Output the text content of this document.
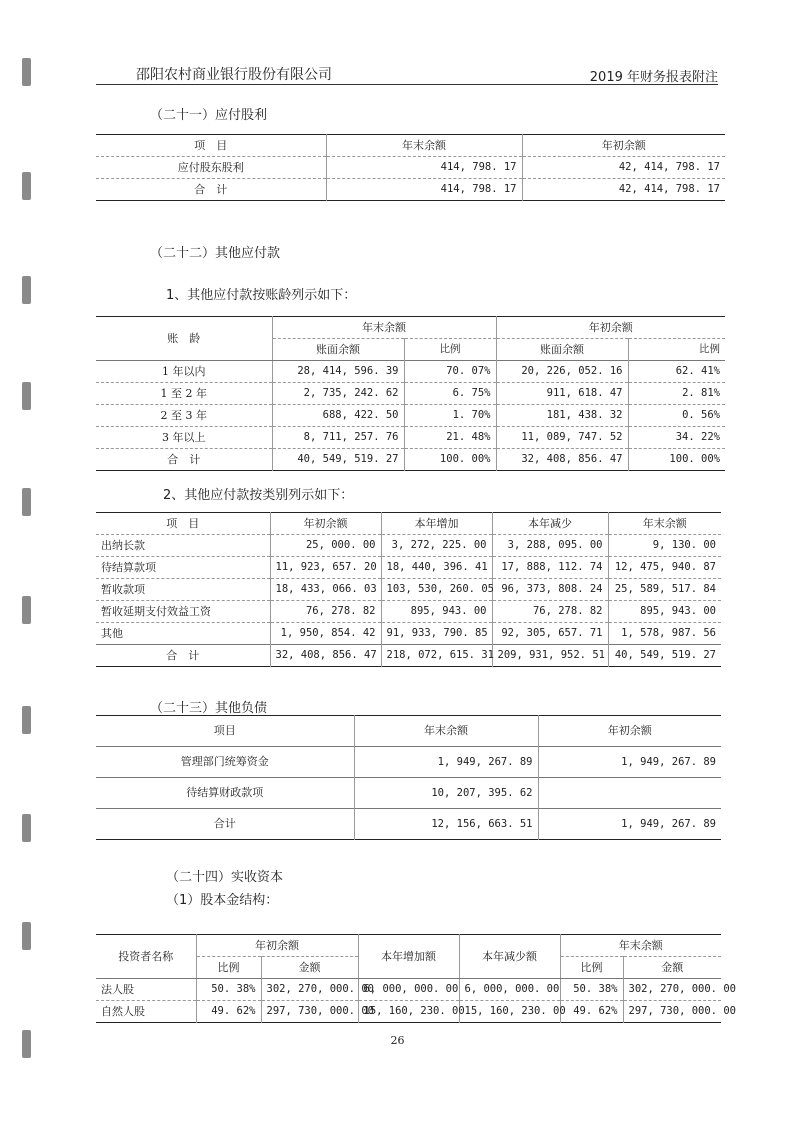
邵阳农村商业银行股份有限公司	2019 年财务报表附注
（二十一）应付股利
项　目	年末余额	年初余额
应付股东股利	414, 798. 17	42, 414, 798. 17
合　计	414, 798. 17	42, 414, 798. 17
（二十二）其他应付款
1、其他应付款按账龄列示如下：
账　龄	年末余额		年初余额	
	账面余额	比例	账面余额	比例
1 年以内	28, 414, 596. 39	70. 07%	20, 226, 052. 16	62. 41%
1 至 2 年	2, 735, 242. 62	6. 75%	911, 618. 47	2. 81%
2 至 3 年	688, 422. 50	1. 70%	181, 438. 32	0. 56%
3 年以上	8, 711, 257. 76	21. 48%	11, 089, 747. 52	34. 22%
合　计	40, 549, 519. 27	100. 00%	32, 408, 856. 47	100. 00%
2、其他应付款按类别列示如下：
项　目	年初余额	本年增加	本年减少	年末余额
出纳长款	25, 000. 00	3, 272, 225. 00	3, 288, 095. 00	9, 130. 00
待结算款项	11, 923, 657. 20	18, 440, 396. 41	17, 888, 112. 74	12, 475, 940. 87
暂收款项	18, 433, 066. 03	103, 530, 260. 05	96, 373, 808. 24	25, 589, 517. 84
暂收延期支付效益工资	76, 278. 82	895, 943. 00	76, 278. 82	895, 943. 00
其他	1, 950, 854. 42	91, 933, 790. 85	92, 305, 657. 71	1, 578, 987. 56
合　计	32, 408, 856. 47	218, 072, 615. 31	209, 931, 952. 51	40, 549, 519. 27
（二十三）其他负债
项目	年末余额	年初余额
管理部门统筹资金	1, 949, 267. 89	1, 949, 267. 89
待结算财政款项	10, 207, 395. 62	
合计	12, 156, 663. 51	1, 949, 267. 89
（二十四）实收资本
（1）股本金结构：
投资者名称	年初余额		本年增加额	本年减少额	年末余额	
	比例	金额			比例	金额
法人股	50. 38%	302, 270, 000. 00	6, 000, 000. 00	6, 000, 000. 00	50. 38%	302, 270, 000. 00
自然人股	49. 62%	297, 730, 000. 00	15, 160, 230. 00	15, 160, 230. 00	49. 62%	297, 730, 000. 00
26
